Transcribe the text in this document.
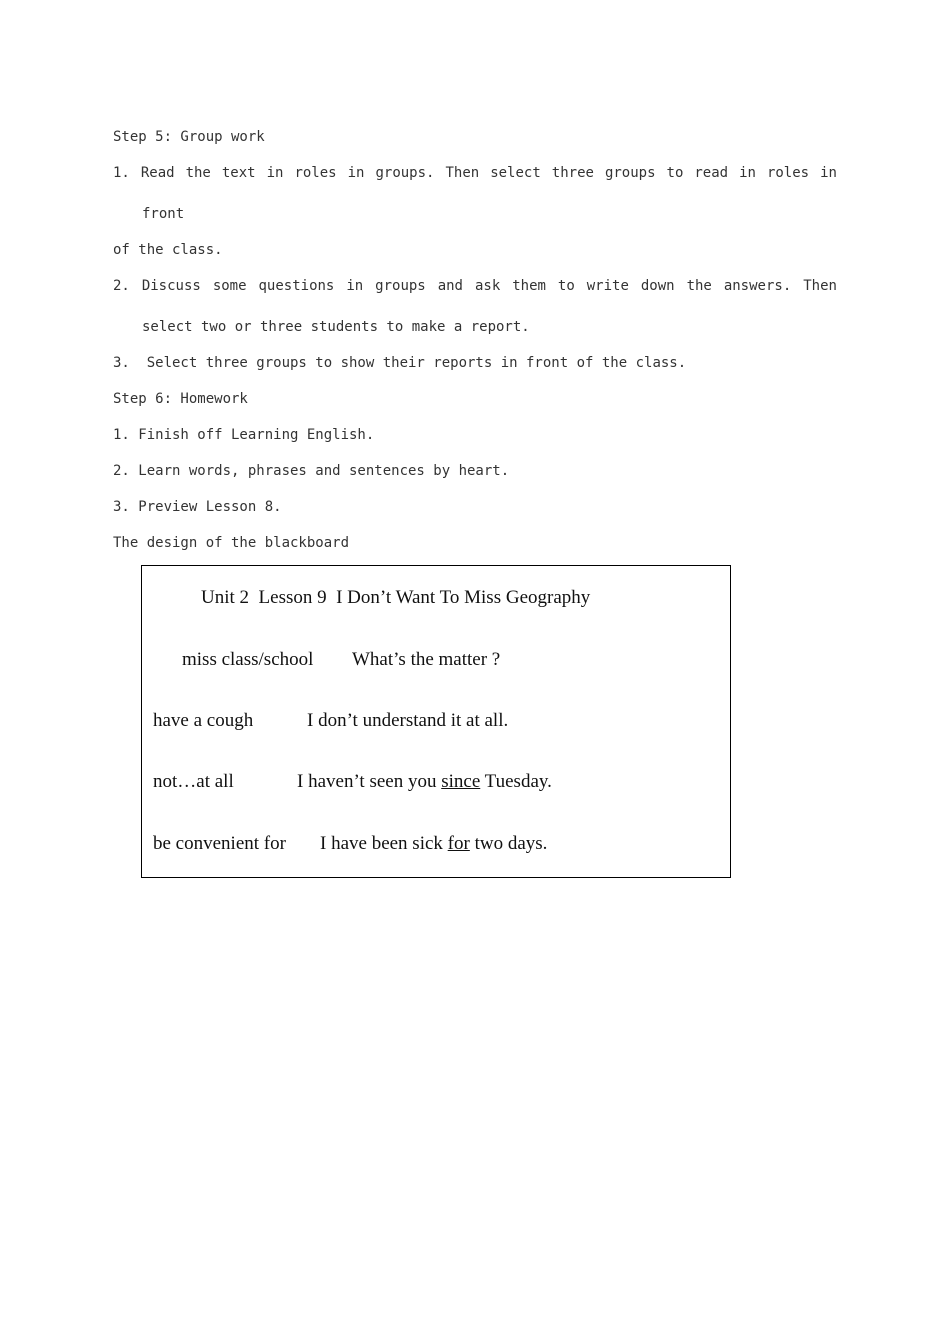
Step 5: Group work
1. Read the text in roles in groups. Then select three groups to read in roles in
front
of the class.
2. Discuss some questions in groups and ask them to write down the answers. Then
select two or three students to make a report.
3.  Select three groups to show their reports in front of the class.
Step 6: Homework
1. Finish off Learning English.
2. Learn words, phrases and sentences by heart.
3. Preview Lesson 8.
The design of the blackboard
Unit 2  Lesson 9  I Don’t Want To Miss Geography
miss class/school What’s the matter ?
have a cough	I don’t understand it at all.
not…at all	I haven’t seen you since Tuesday.
be convenient for I have been sick for two days.
